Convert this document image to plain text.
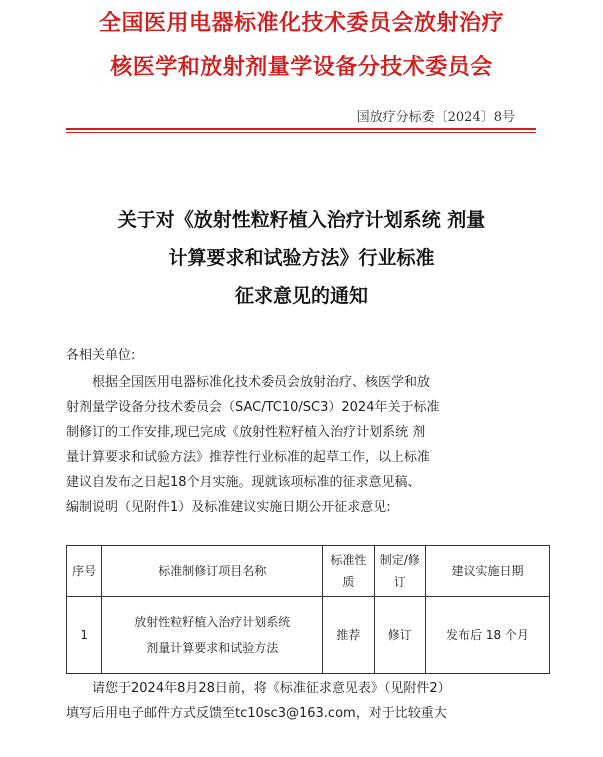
全国医用电器标准化技术委员会放射治疗
核医学和放射剂量学设备分技术委员会
国放疗分标委〔2024〕8号
关于对《放射性粒籽植入治疗计划系统 剂量
计算要求和试验方法》行业标准
征求意见的通知
各相关单位:
根据全国医用电器标准化技术委员会放射治疗、核医学和放
射剂量学设备分技术委员会（SAC/TC10/SC3）2024年关于标准
制修订的工作安排,现已完成《放射性粒籽植入治疗计划系统 剂
量计算要求和试验方法》推荐性行业标准的起草工作，以上标准
建议自发布之日起18个月实施。现就该项标准的征求意见稿、
编制说明（见附件1）及标准建议实施日期公开征求意见:
序号	标准制修订项目名称	标准性质	制定/修订	建议实施日期
1	放射性粒籽植入治疗计划系统
剂量计算要求和试验方法	推荐	修订	发布后 18 个月
请您于2024年8月28日前，将《标准征求意见表》（见附件2）
填写后用电子邮件方式反馈至tc10sc3@163.com，对于比较重大
